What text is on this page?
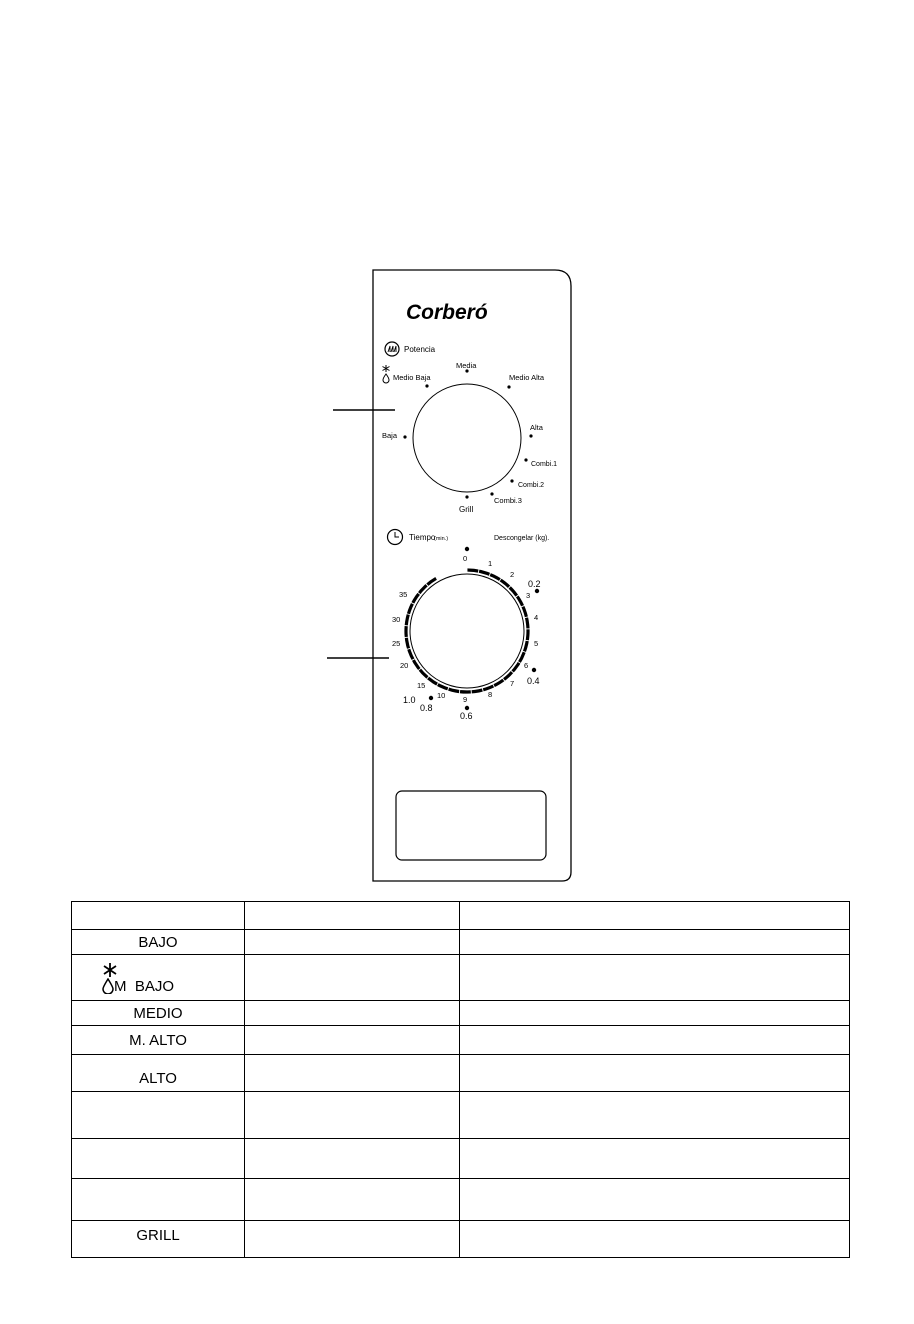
Corberó
Potencia
Baja
Medio Baja
Media
Medio Alta
Alta
Combi.1
Combi.2
Combi.3
Grill
Tiempo
(min.)	Descongelar (kg).
0
1
2
3
4
5
6
7
8
9
10
15
20
25
30
35
0.2
0.4
0.6
0.8
1.0

BAJO		

M  BAJO		

MEDIO		

M. ALTO		

ALTO		

GRILL		
